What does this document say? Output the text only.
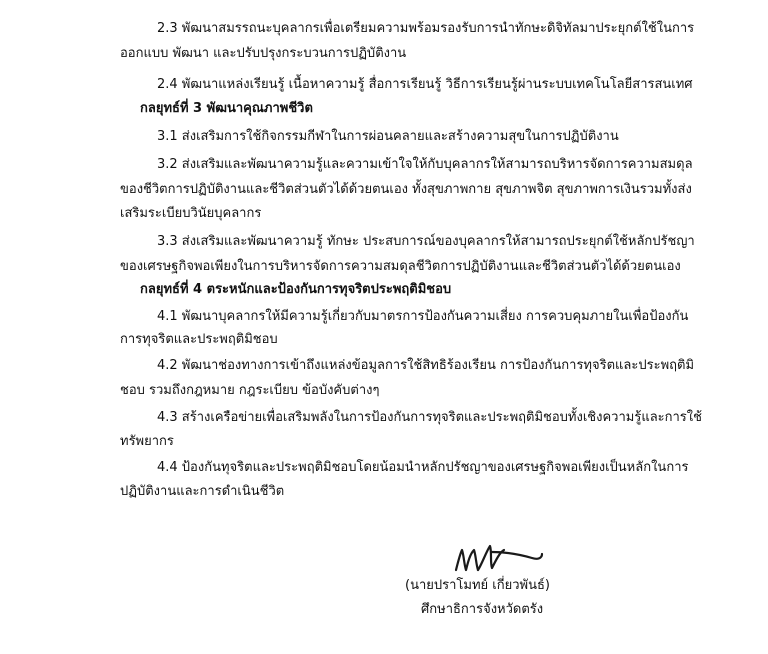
2.3 พัฒนาสมรรถนะบุคลากรเพื่อเตรียมความพร้อมรองรับการนำทักษะดิจิทัลมาประยุกต์ใช้ในการ
ออกแบบ พัฒนา และปรับปรุงกระบวนการปฏิบัติงาน
2.4 พัฒนาแหล่งเรียนรู้ เนื้อหาความรู้ สื่อการเรียนรู้ วิธีการเรียนรู้ผ่านระบบเทคโนโลยีสารสนเทศ
กลยุทธ์ที่ 3 พัฒนาคุณภาพชีวิต
3.1 ส่งเสริมการใช้กิจกรรมกีฬาในการผ่อนคลายและสร้างความสุขในการปฏิบัติงาน
3.2 ส่งเสริมและพัฒนาความรู้และความเข้าใจให้กับบุคลากรให้สามารถบริหารจัดการความสมดุล
ของชีวิตการปฏิบัติงานและชีวิตส่วนตัวได้ด้วยตนเอง ทั้งสุขภาพกาย สุขภาพจิต สุขภาพการเงินรวมทั้งส่ง
เสริมระเบียบวินัยบุคลากร
3.3 ส่งเสริมและพัฒนาความรู้ ทักษะ ประสบการณ์ของบุคลากรให้สามารถประยุกต์ใช้หลักปรัชญา
ของเศรษฐกิจพอเพียงในการบริหารจัดการความสมดุลชีวิตการปฏิบัติงานและชีวิตส่วนตัวได้ด้วยตนเอง
กลยุทธ์ที่ 4 ตระหนักและป้องกันการทุจริตประพฤติมิชอบ
4.1 พัฒนาบุคลากรให้มีความรู้เกี่ยวกับมาตรการป้องกันความเสี่ยง การควบคุมภายในเพื่อป้องกัน
การทุจริตและประพฤติมิชอบ
4.2 พัฒนาช่องทางการเข้าถึงแหล่งข้อมูลการใช้สิทธิร้องเรียน การป้องกันการทุจริตและประพฤติมิ
ชอบ รวมถึงกฎหมาย กฎระเบียบ ข้อบังคับต่างๆ
4.3 สร้างเครือข่ายเพื่อเสริมพลังในการป้องกันการทุจริตและประพฤติมิชอบทั้งเชิงความรู้และการใช้
ทรัพยากร
4.4 ป้องกันทุจริตและประพฤติมิชอบโดยน้อมนำหลักปรัชญาของเศรษฐกิจพอเพียงเป็นหลักในการ
ปฏิบัติงานและการดำเนินชีวิต
(นายปราโมทย์ เกี่ยวพันธ์)
ศึกษาธิการจังหวัดตรัง
